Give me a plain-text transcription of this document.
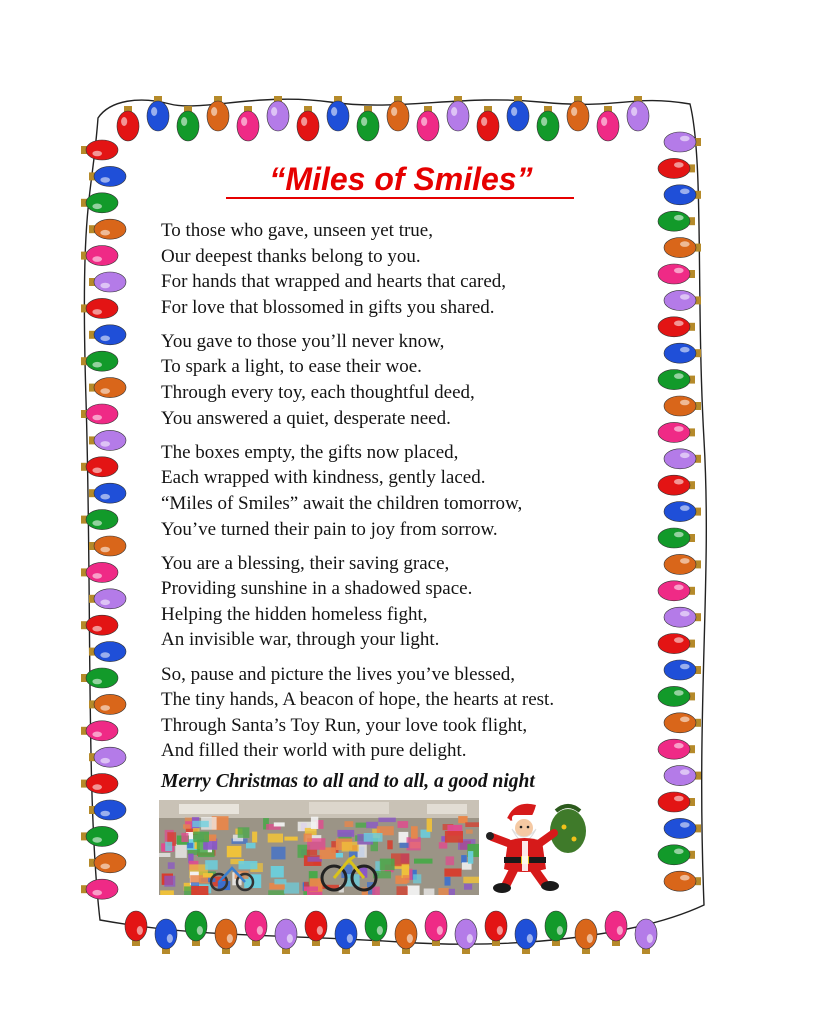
“Miles of Smiles”
To those who gave, unseen yet true,
Our deepest thanks belong to you.
For hands that wrapped and hearts that cared,
For love that blossomed in gifts you shared.
You gave to those you’ll never know,
To spark a light, to ease their woe.
Through every toy, each thoughtful deed,
You answered a quiet, desperate need.
The boxes empty, the gifts now placed,
Each wrapped with kindness, gently laced.
“Miles of Smiles” await the children tomorrow,
You’ve turned their pain to joy from sorrow.
You are a blessing, their saving grace,
Providing sunshine in a shadowed space.
Helping the hidden homeless fight,
An invisible war, through your light.
So, pause and picture the lives you’ve blessed,
The tiny hands, A beacon of hope, the hearts at rest.
Through Santa’s Toy Run, your love took flight,
And filled their world with pure delight.
Merry Christmas to all and to all, a good night
